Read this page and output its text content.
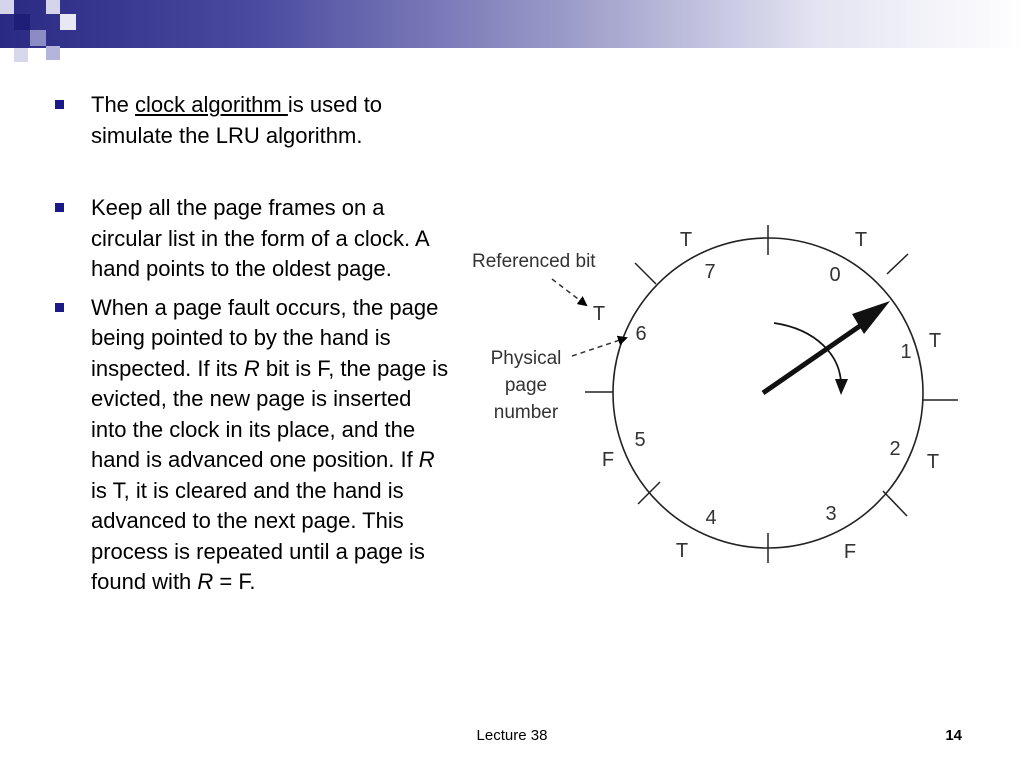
The clock algorithm is used to simulate the LRU algorithm.
Keep all the page frames on a circular list in the form of a clock. A hand points to the oldest page.
When a page fault occurs, the page being pointed to by the hand is inspected. If its R bit is F, the page is evicted, the new page is inserted into the clock in its place, and the hand is advanced one position. If R is T, it is cleared and the hand is advanced to the next page. This process is repeated until a page is found with R = F.
0
1
2
3
4
5
6
7
T
T
T
F
T
F
T
T
Referenced bit
Physical
page
number
Lecture 38	14
